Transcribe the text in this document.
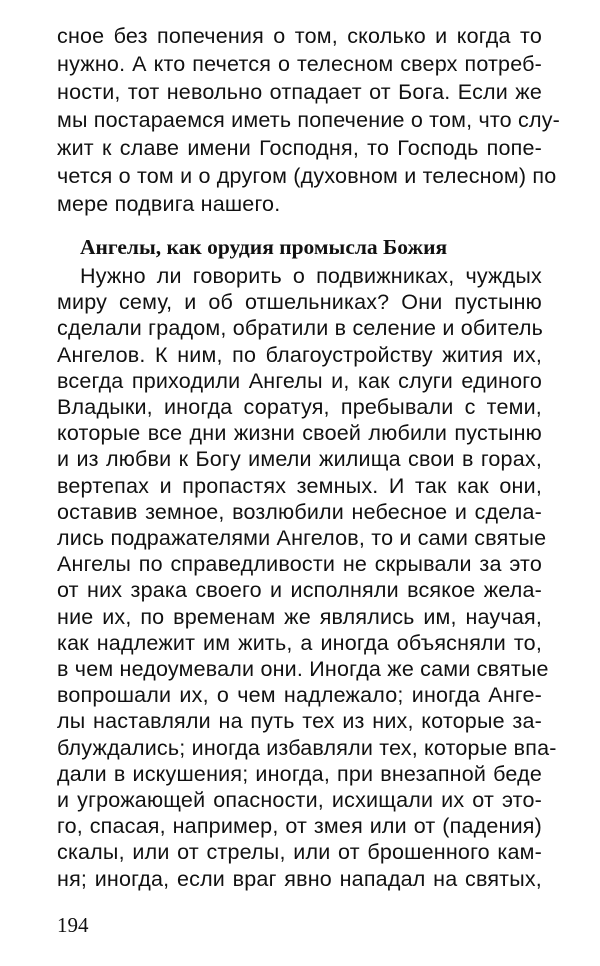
сное без попечения о том, сколько и когда то
нужно. А кто печется о телесном сверх потреб-
ности, тот невольно отпадает от Бога. Если же
мы постараемся иметь попечение о том, что слу-
жит к славе имени Господня, то Господь попе-
чется о том и о другом (духовном и телесном) по
мере подвига нашего.
Ангелы, как орудия промысла Божия
Нужно ли говорить о подвижниках, чуждых
миру сему, и об отшельниках? Они пустыню
сделали градом, обратили в селение и обитель
Ангелов. К ним, по благоустройству жития их,
всегда приходили Ангелы и, как слуги единого
Владыки, иногда соратуя, пребывали с теми,
которые все дни жизни своей любили пустыню
и из любви к Богу имели жилища свои в горах,
вертепах и пропастях земных. И так как они,
оставив земное, возлюбили небесное и сдела-
лись подражателями Ангелов, то и сами святые
Ангелы по справедливости не скрывали за это
от них зрака своего и исполняли всякое жела-
ние их, по временам же являлись им, научая,
как надлежит им жить, а иногда объясняли то,
в чем недоумевали они. Иногда же сами святые
вопрошали их, о чем надлежало; иногда Анге-
лы наставляли на путь тех из них, которые за-
блуждались; иногда избавляли тех, которые впа-
дали в искушения; иногда, при внезапной беде
и угрожающей опасности, исхищали их от это-
го, спасая, например, от змея или от (падения)
скалы, или от стрелы, или от брошенного кам-
ня; иногда, если враг явно нападал на святых,
194
